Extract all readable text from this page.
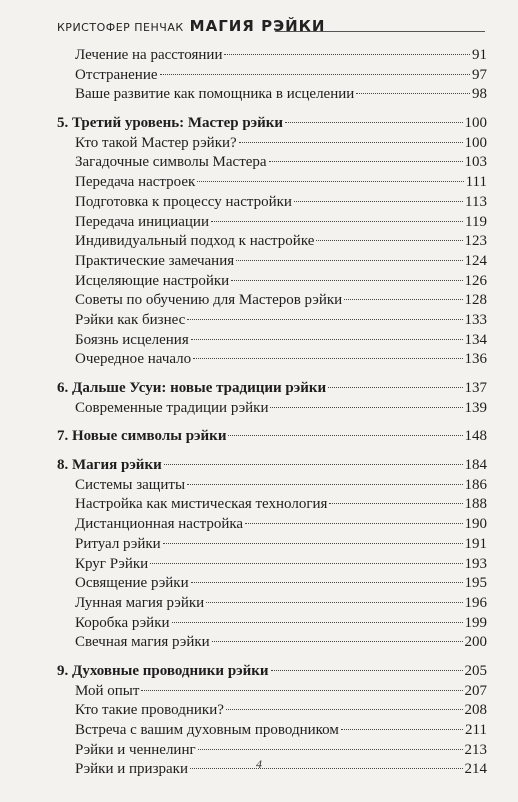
КРИСТОФЕР ПЕНЧАК МАГИЯ РЭЙКИ
Лечение на расстоянии	91
Отстранение	97
Ваше развитие как помощника в исцелении	98
5. Третий уровень: Мастер рэйки	100
Кто такой Мастер рэйки?	100
Загадочные символы Мастера	103
Передача настроек	111
Подготовка к процессу настройки	113
Передача инициации	119
Индивидуальный подход к настройке	123
Практические замечания	124
Исцеляющие настройки	126
Советы по обучению для Мастеров рэйки	128
Рэйки как бизнес	133
Боязнь исцеления	134
Очередное начало	136
6. Дальше Усуи: новые традиции рэйки	137
Современные традиции рэйки	139
7. Новые символы рэйки	148
8. Магия рэйки	184
Системы защиты	186
Настройка как мистическая технология	188
Дистанционная настройка	190
Ритуал рэйки	191
Круг Рэйки	193
Освящение рэйки	195
Лунная магия рэйки	196
Коробка рэйки	199
Свечная магия рэйки	200
9. Духовные проводники рэйки	205
Мой опыт	207
Кто такие проводники?	208
Встреча с вашим духовным проводником	211
Рэйки и ченнелинг	213
Рэйки и призраки	214
4
